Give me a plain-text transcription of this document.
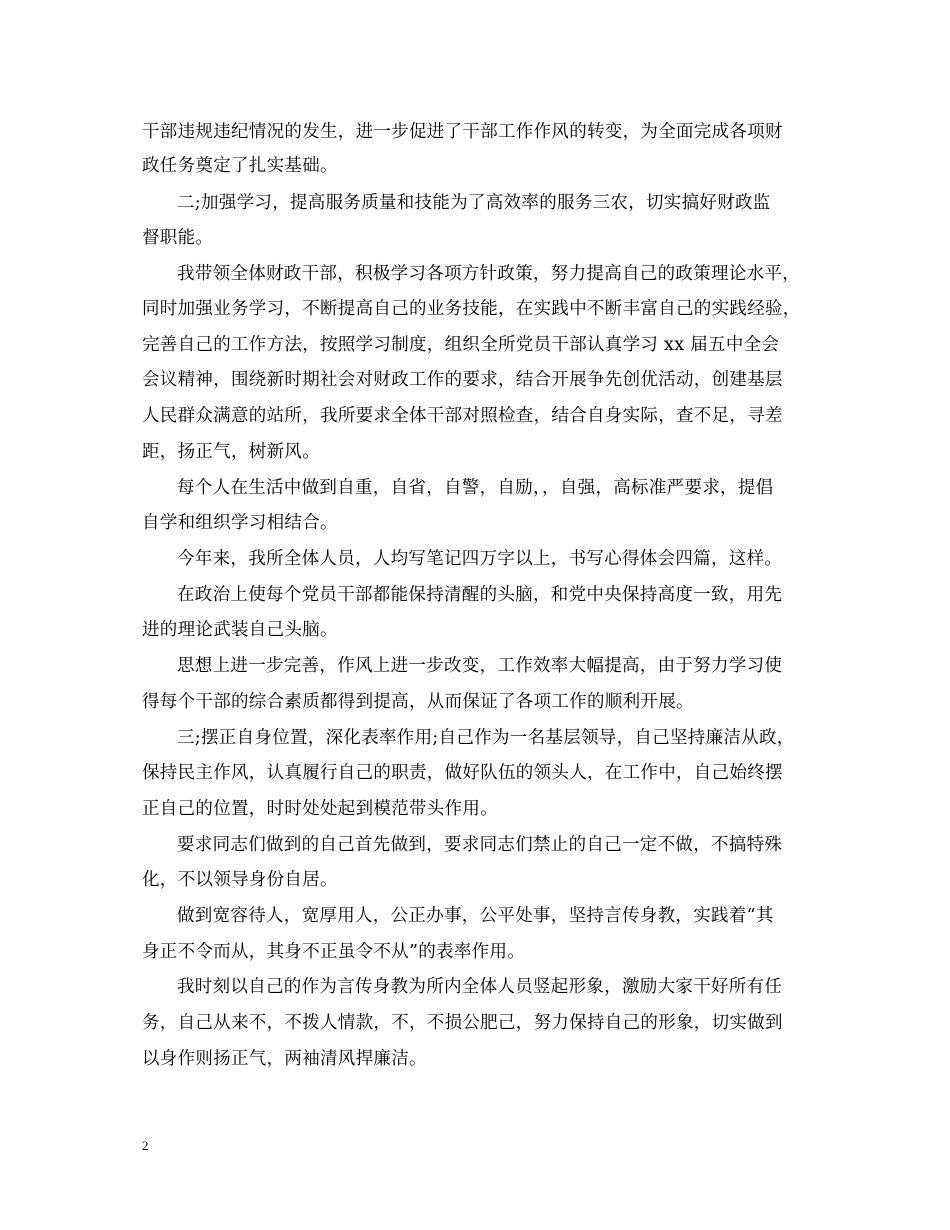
干部违规违纪情况的发生，进一步促进了干部工作作风的转变，为全面完成各项财
政任务奠定了扎实基础。
二;加强学习，提高服务质量和技能为了高效率的服务三农，切实搞好财政监
督职能。
我带领全体财政干部，积极学习各项方针政策，努力提高自己的政策理论水平，
同时加强业务学习，不断提高自己的业务技能，在实践中不断丰富自己的实践经验，
完善自己的工作方法，按照学习制度，组织全所党员干部认真学习 xx 届五中全会
会议精神，围绕新时期社会对财政工作的要求，结合开展争先创优活动，创建基层
人民群众满意的站所，我所要求全体干部对照检查，结合自身实际，查不足，寻差
距，扬正气，树新风。
每个人在生活中做到自重，自省，自警，自励，，自强，高标准严要求，提倡
自学和组织学习相结合。
今年来，我所全体人员，人均写笔记四万字以上，书写心得体会四篇，这样。
在政治上使每个党员干部都能保持清醒的头脑，和党中央保持高度一致，用先
进的理论武装自己头脑。
思想上进一步完善，作风上进一步改变，工作效率大幅提高，由于努力学习使
得每个干部的综合素质都得到提高，从而保证了各项工作的顺利开展。
三;摆正自身位置，深化表率作用;自己作为一名基层领导，自己坚持廉洁从政，
保持民主作风，认真履行自己的职责，做好队伍的领头人，在工作中，自己始终摆
正自己的位置，时时处处起到模范带头作用。
要求同志们做到的自己首先做到，要求同志们禁止的自己一定不做，不搞特殊
化，不以领导身份自居。
做到宽容待人，宽厚用人，公正办事，公平处事，坚持言传身教，实践着“其
身正不令而从，其身不正虽令不从”的表率作用。
我时刻以自己的作为言传身教为所内全体人员竖起形象，激励大家干好所有任
务，自己从来不，不拨人情款，不，不损公肥己，努力保持自己的形象，切实做到
以身作则扬正气，两袖清风捍廉洁。
2
